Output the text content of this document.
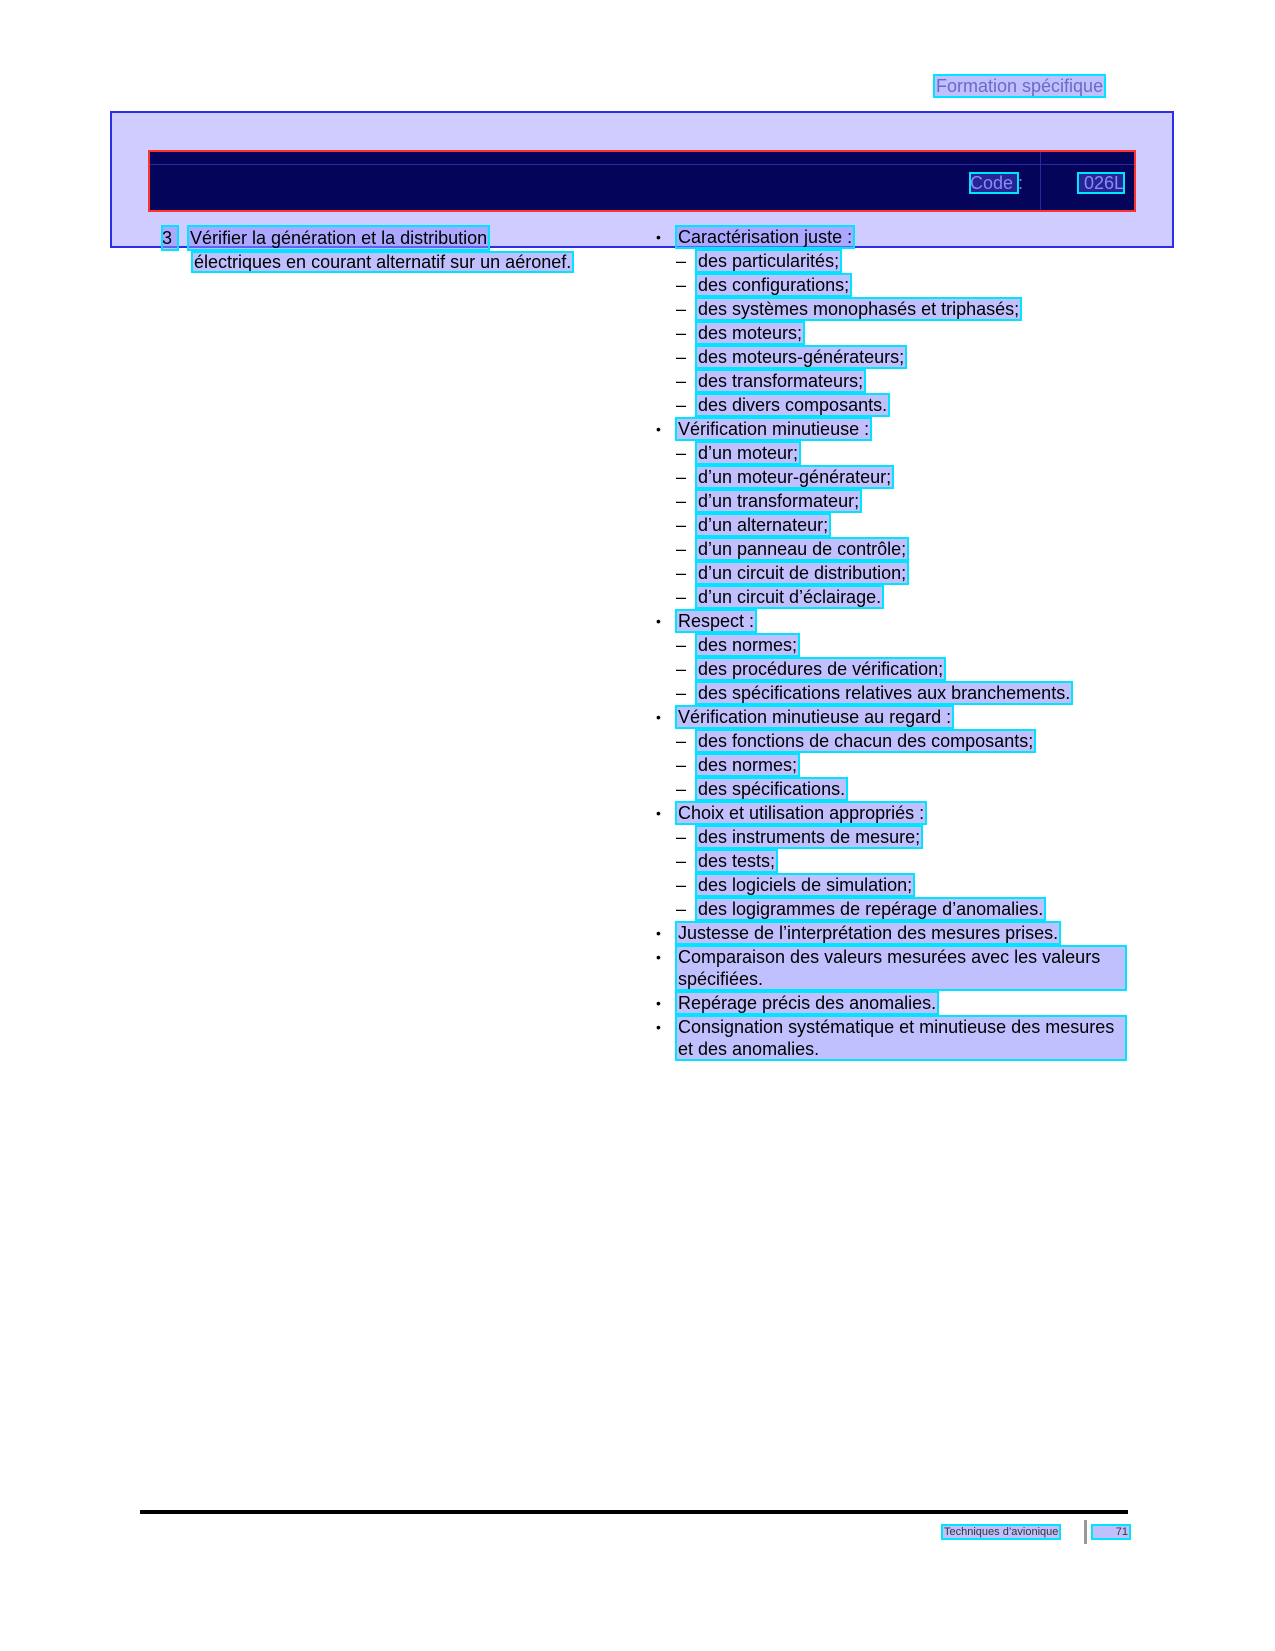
Formation spécifique
Code :	026L
3 Vérifier la génération et la distribution
électriques en courant alternatif sur un aéronef.
• Caractérisation juste :
– des particularités;
– des configurations;
– des systèmes monophasés et triphasés;
– des moteurs;
– des moteurs-générateurs;
– des transformateurs;
– des divers composants.
• Vérification minutieuse :
– d’un moteur;
– d’un moteur-générateur;
– d’un transformateur;
– d’un alternateur;
– d’un panneau de contrôle;
– d’un circuit de distribution;
– d’un circuit d’éclairage.
• Respect :
– des normes;
– des procédures de vérification;
– des spécifications relatives aux branchements.
• Vérification minutieuse au regard :
– des fonctions de chacun des composants;
– des normes;
– des spécifications.
• Choix et utilisation appropriés :
– des instruments de mesure;
– des tests;
– des logiciels de simulation;
– des logigrammes de repérage d’anomalies.
• Justesse de l’interprétation des mesures prises.
• Comparaison des valeurs mesurées avec les valeurs spécifiées.
• Repérage précis des anomalies.
• Consignation systématique et minutieuse des mesures et des anomalies.
Techniques d’avionique	71
